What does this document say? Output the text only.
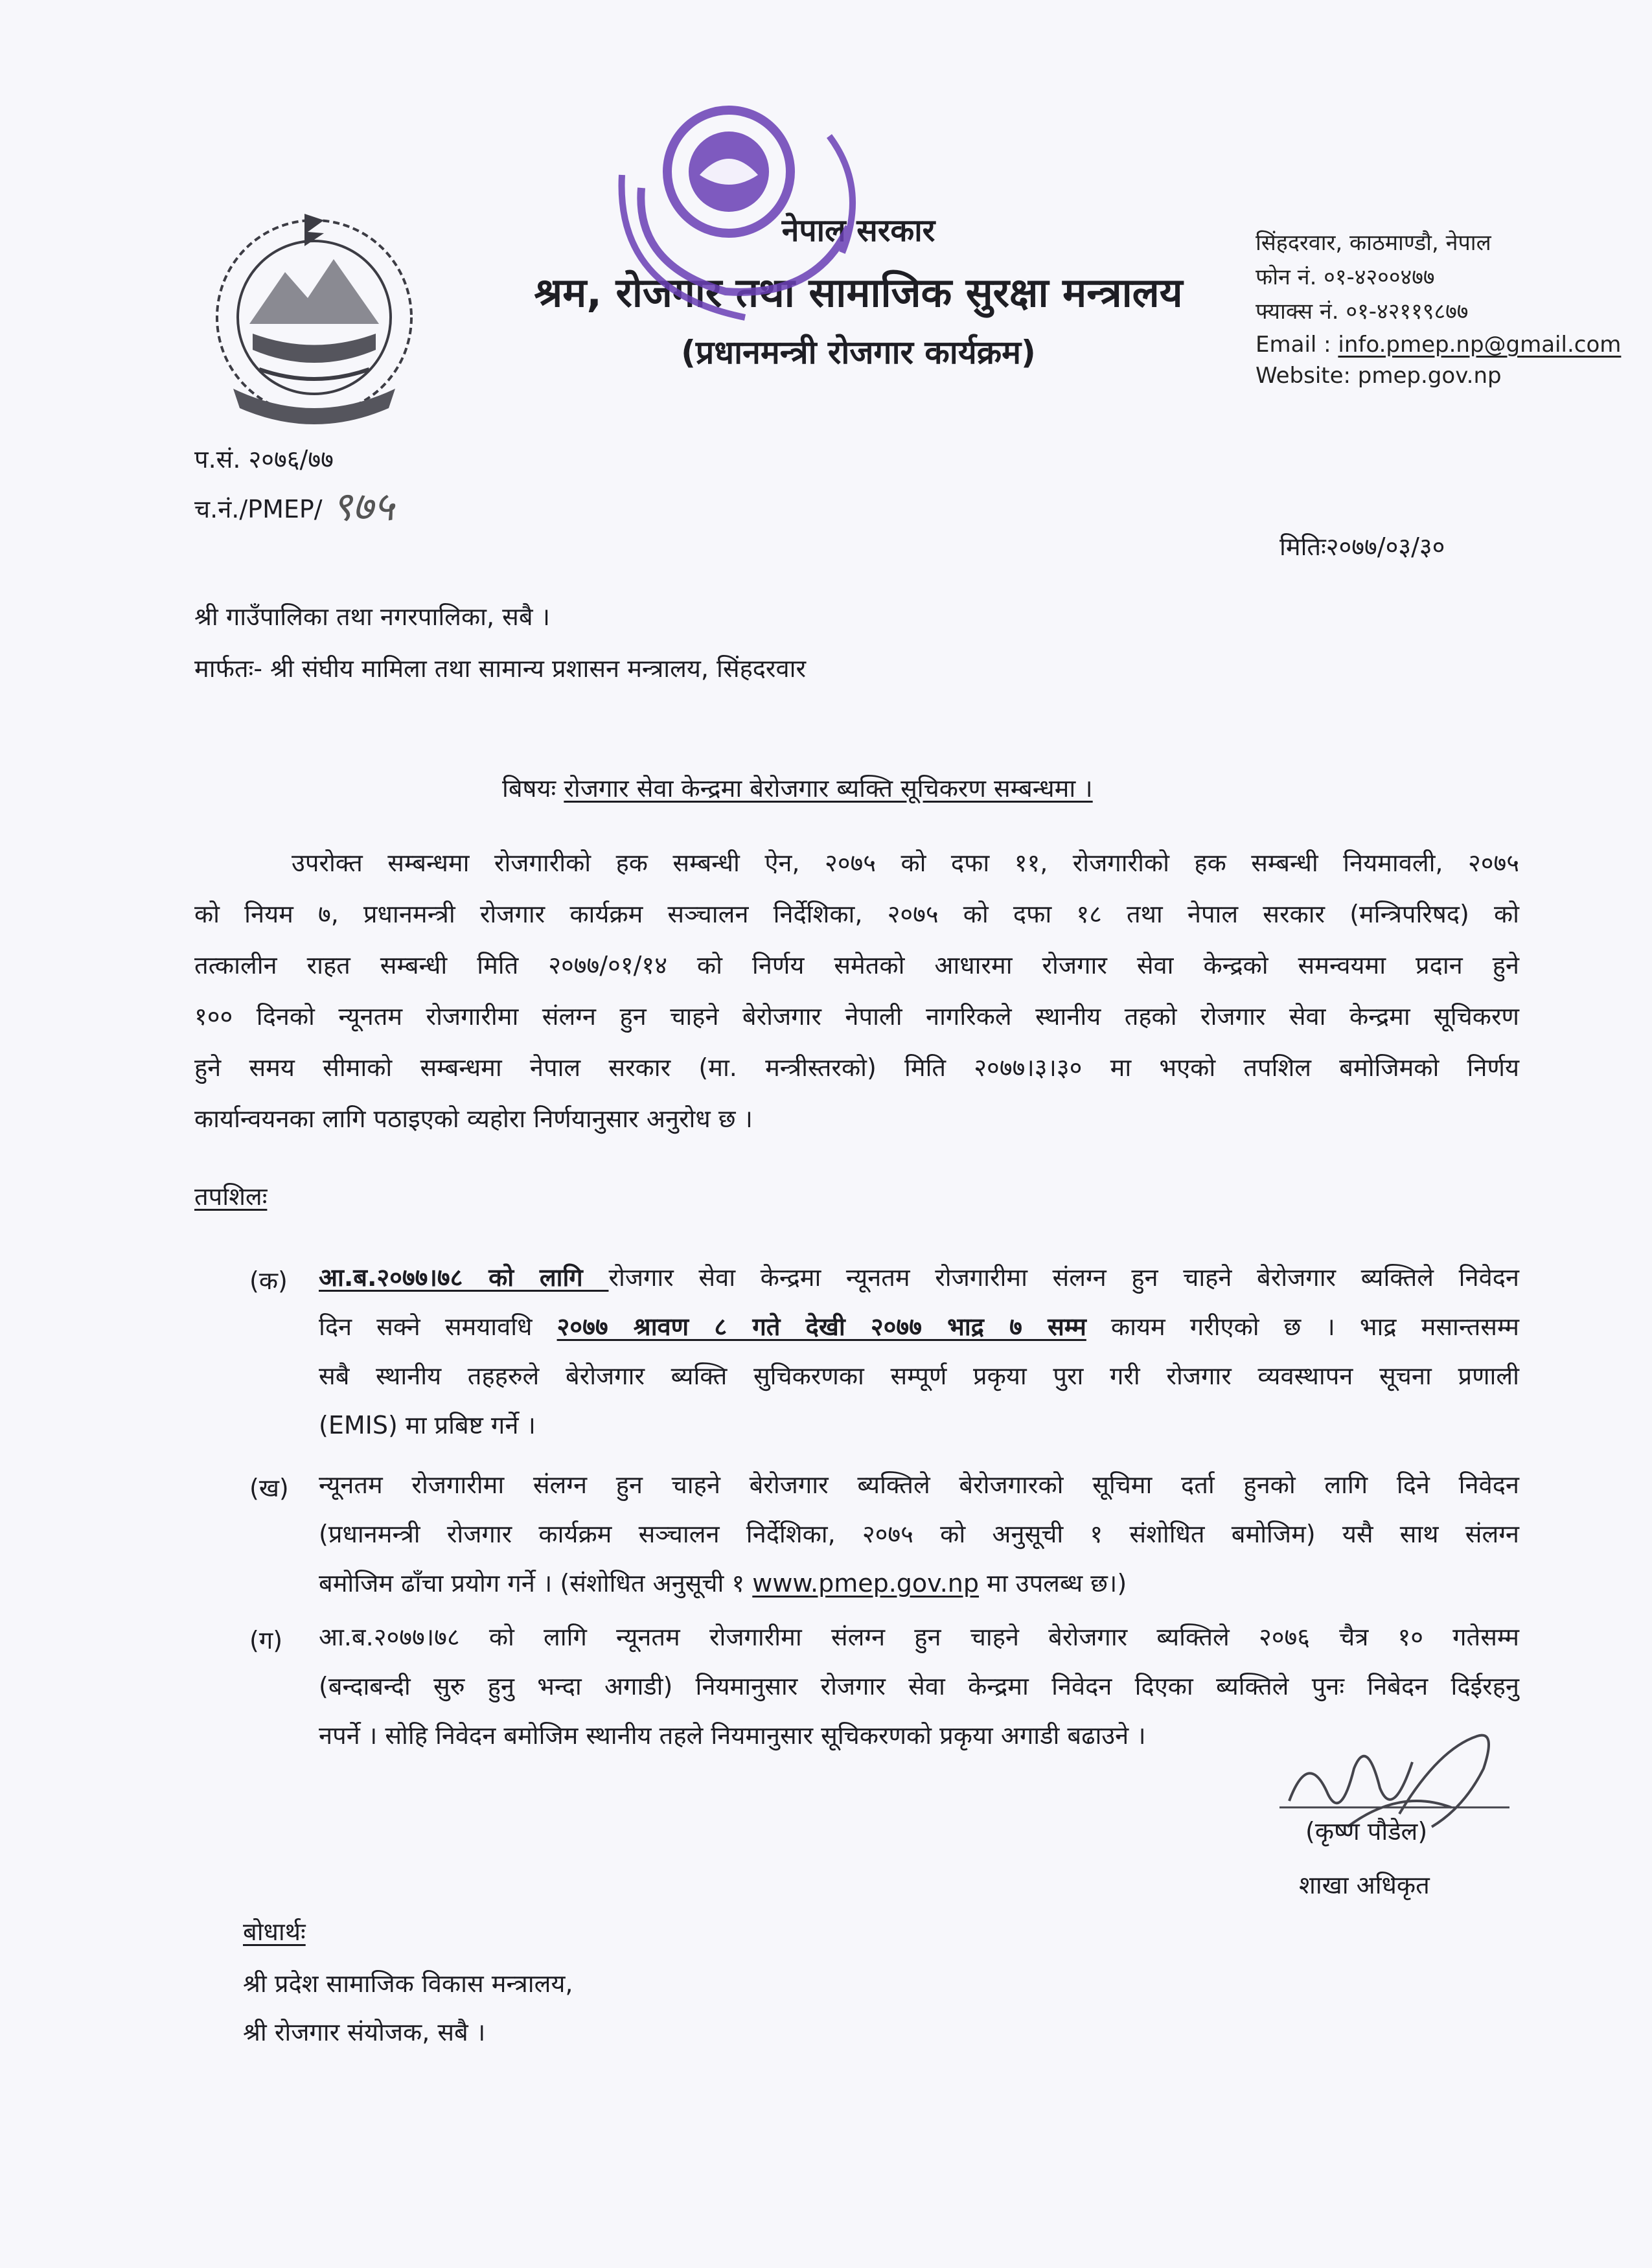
नेपाल सरकार
श्रम, रोजगार तथा सामाजिक सुरक्षा मन्त्रालय
(प्रधानमन्त्री रोजगार कार्यक्रम)
सिंहदरवार, काठमाण्डौ, नेपाल
फोन नं. ०१-४२००४७७
फ्याक्स नं. ०१-४२११९८७७
Email : info.pmep.np@gmail.com
Website: pmep.gov.np
प.सं. २०७६/७७
च.नं./PMEP/ ९७५
मितिः२०७७/०३/३०
श्री गाउँपालिका तथा नगरपालिका, सबै ।
मार्फतः- श्री संघीय मामिला तथा सामान्य प्रशासन मन्त्रालय, सिंहदरवार
बिषयः रोजगार सेवा केन्द्रमा बेरोजगार ब्यक्ति सूचिकरण सम्बन्धमा ।
उपरोक्त सम्बन्धमा रोजगारीको हक सम्बन्धी ऐन, २०७५ को दफा ११, रोजगारीको हक सम्बन्धी नियमावली, २०७५
को नियम ७, प्रधानमन्त्री रोजगार कार्यक्रम सञ्चालन निर्देशिका, २०७५ को दफा १८ तथा नेपाल सरकार (मन्त्रिपरिषद) को
तत्कालीन राहत सम्बन्धी मिति २०७७/०१/१४ को निर्णय समेतको आधारमा रोजगार सेवा केन्द्रको समन्वयमा प्रदान हुने
१०० दिनको न्यूनतम रोजगारीमा संलग्न हुन चाहने बेरोजगार नेपाली नागरिकले स्थानीय तहको रोजगार सेवा केन्द्रमा सूचिकरण
हुने समय सीमाको सम्बन्धमा नेपाल सरकार (मा. मन्त्रीस्तरको) मिति २०७७।३।३० मा भएको तपशिल बमोजिमको निर्णय
कार्यान्वयनका लागि पठाइएको व्यहोरा निर्णयानुसार अनुरोध छ ।
तपशिलः
(क) आ.ब.२०७७।७८ को लागि रोजगार सेवा केन्द्रमा न्यूनतम रोजगारीमा संलग्न हुन चाहने बेरोजगार ब्यक्तिले निवेदन
दिन सक्ने समयावधि २०७७ श्रावण ८ गते देखी २०७७ भाद्र ७ सम्म कायम गरीएको छ । भाद्र मसान्तसम्म
सबै स्थानीय तहहरुले बेरोजगार ब्यक्ति सुचिकरणका सम्पूर्ण प्रकृया पुरा गरी रोजगार व्यवस्थापन सूचना प्रणाली
(EMIS) मा प्रबिष्ट गर्ने ।
(ख) न्यूनतम रोजगारीमा संलग्न हुन चाहने बेरोजगार ब्यक्तिले बेरोजगारको सूचिमा दर्ता हुनको लागि दिने निवेदन
(प्रधानमन्त्री रोजगार कार्यक्रम सञ्चालन निर्देशिका, २०७५ को अनुसूची १ संशोधित बमोजिम) यसै साथ संलग्न
बमोजिम ढाँचा प्रयोग गर्ने । (संशोधित अनुसूची १ www.pmep.gov.np मा उपलब्ध छ।)
(ग) आ.ब.२०७७।७८ को लागि न्यूनतम रोजगारीमा संलग्न हुन चाहने बेरोजगार ब्यक्तिले २०७६ चैत्र १० गतेसम्म
(बन्दाबन्दी सुरु हुनु भन्दा अगाडी) नियमानुसार रोजगार सेवा केन्द्रमा निवेदन दिएका ब्यक्तिले पुनः निबेदन दिईरहनु
नपर्ने । सोहि निवेदन बमोजिम स्थानीय तहले नियमानुसार सूचिकरणको प्रकृया अगाडी बढाउने ।
(कृष्ण पौडेल)
शाखा अधिकृत
बोधार्थः
श्री प्रदेश सामाजिक विकास मन्त्रालय,
श्री रोजगार संयोजक, सबै ।
